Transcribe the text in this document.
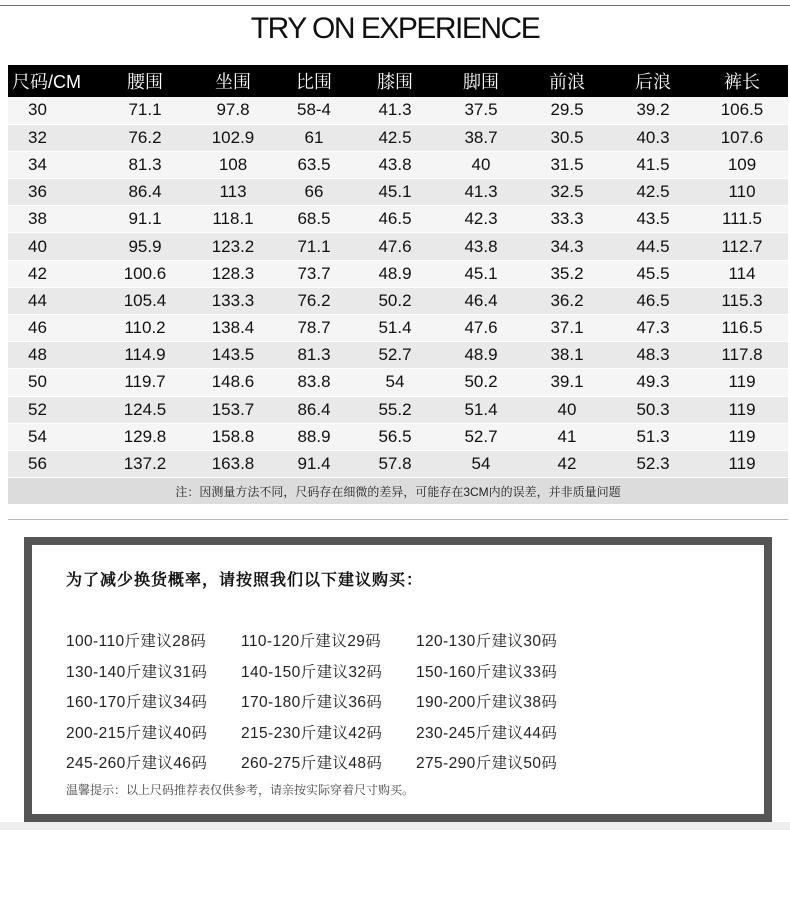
TRY ON EXPERIENCE
尺码/CM	腰围	坐围	比围	膝围	脚围	前浪	后浪	裤长
30	71.1	97.8	58-4	41.3	37.5	29.5	39.2	106.5
32	76.2	102.9	61	42.5	38.7	30.5	40.3	107.6
34	81.3	108	63.5	43.8	40	31.5	41.5	109
36	86.4	113	66	45.1	41.3	32.5	42.5	110
38	91.1	118.1	68.5	46.5	42.3	33.3	43.5	111.5
40	95.9	123.2	71.1	47.6	43.8	34.3	44.5	112.7
42	100.6	128.3	73.7	48.9	45.1	35.2	45.5	114
44	105.4	133.3	76.2	50.2	46.4	36.2	46.5	115.3
46	110.2	138.4	78.7	51.4	47.6	37.1	47.3	116.5
48	114.9	143.5	81.3	52.7	48.9	38.1	48.3	117.8
50	119.7	148.6	83.8	54	50.2	39.1	49.3	119
52	124.5	153.7	86.4	55.2	51.4	40	50.3	119
54	129.8	158.8	88.9	56.5	52.7	41	51.3	119
56	137.2	163.8	91.4	57.8	54	42	52.3	119
注：因测量方法不同，尺码存在细微的差异，可能存在3CM内的误差，并非质量问题								
为了减少换货概率，请按照我们以下建议购买：
100-110斤建议28码	110-120斤建议29码	120-130斤建议30码
130-140斤建议31码	140-150斤建议32码	150-160斤建议33码
160-170斤建议34码	170-180斤建议36码	190-200斤建议38码
200-215斤建议40码	215-230斤建议42码	230-245斤建议44码
245-260斤建议46码	260-275斤建议48码	275-290斤建议50码
温馨提示：以上尺码推荐表仅供参考，请亲按实际穿着尺寸购买。
